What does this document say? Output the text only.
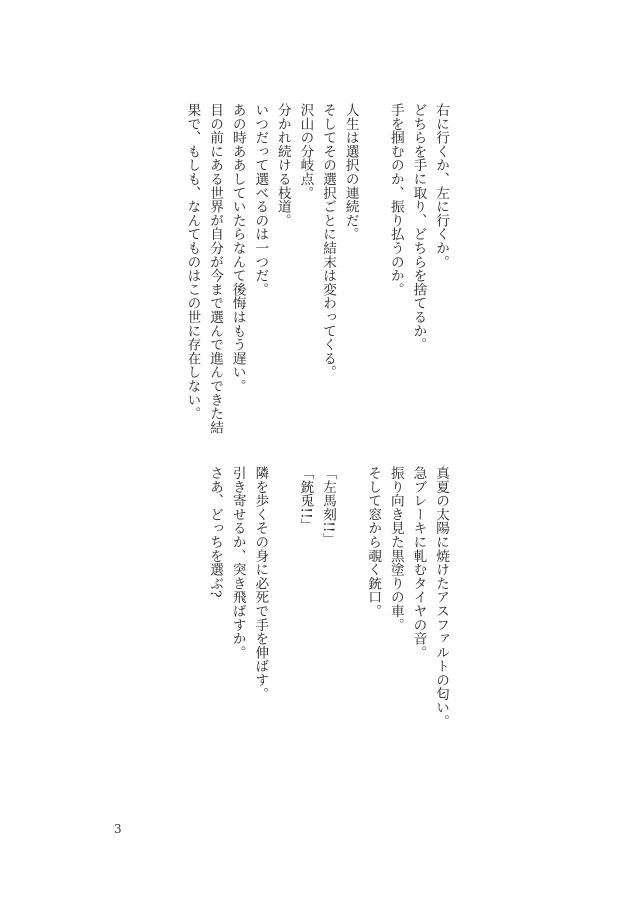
右に行くか、左に行くか。
どちらを手に取り、どちらを捨てるか。
手を掴むのか、振り払うのか。

人生は選択の連続だ。
そしてその選択ごとに結末は変わってくる。
沢山の分岐点。
分かれ続ける枝道。
いつだって選べるのは一つだ。
あの時ああしていたらなんて後悔はもう遅い。
目の前にある世界が自分が今まで選んで進んできた結
果で、もしも、なんてものはこの世に存在しない。
真夏の太陽に焼けたアスファルトの匂い。
急ブレーキに軋むタイヤの音。
振り向き見た黒塗りの車。
そして窓から覗く銃口。

「左馬刻!!」
「銃兎!!」

隣を歩くその身に必死で手を伸ばす。
引き寄せるか、突き飛ばすか。
さあ、どっちを選ぶ?
3
